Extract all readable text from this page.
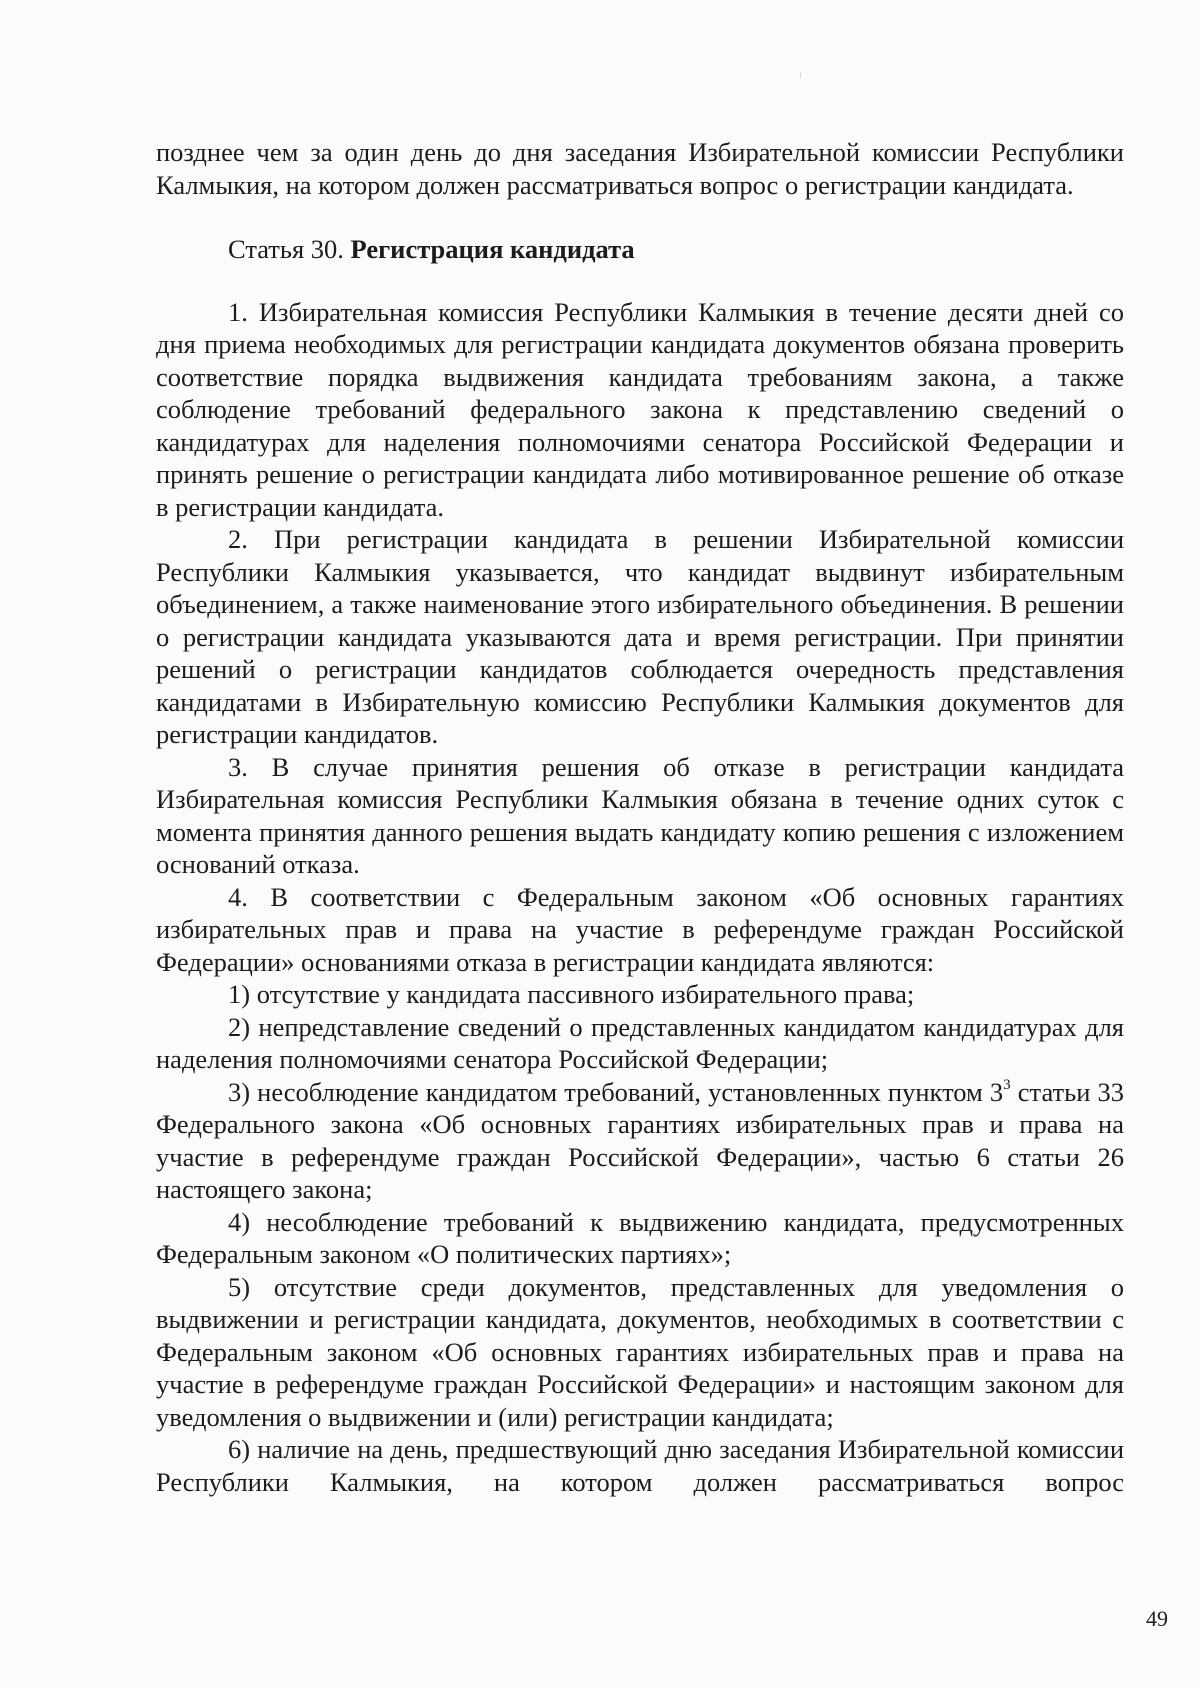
позднее чем за один день до дня заседания Избирательной комиссии Республики Калмыкия, на котором должен рассматриваться вопрос о регистрации кандидата.

Статья 30. Регистрация кандидата

1. Избирательная комиссия Республики Калмыкия в течение десяти дней со дня приема необходимых для регистрации кандидата документов обязана проверить соответствие порядка выдвижения кандидата требованиям закона, а также соблюдение требований федерального закона к представлению сведений о кандидатурах для наделения полномочиями сенатора Российской Федерации и принять решение о регистрации кандидата либо мотивированное решение об отказе в регистрации кандидата.

2. При регистрации кандидата в решении Избирательной комиссии Республики Калмыкия указывается, что кандидат выдвинут избирательным объединением, а также наименование этого избирательного объединения. В решении о регистрации кандидата указываются дата и время регистрации. При принятии решений о регистрации кандидатов соблюдается очередность представления кандидатами в Избирательную комиссию Республики Калмыкия документов для регистрации кандидатов.

3. В случае принятия решения об отказе в регистрации кандидата Избирательная комиссия Республики Калмыкия обязана в течение одних суток с момента принятия данного решения выдать кандидату копию решения с изложением оснований отказа.

4. В соответствии с Федеральным законом «Об основных гарантиях избирательных прав и права на участие в референдуме граждан Российской Федерации» основаниями отказа в регистрации кандидата являются:

1) отсутствие у кандидата пассивного избирательного права;

2) непредставление сведений о представленных кандидатом кандидатурах для наделения полномочиями сенатора Российской Федерации;

3) несоблюдение кандидатом требований, установленных пунктом $3^3$ статьи 33 Федерального закона «Об основных гарантиях избирательных прав и права на участие в референдуме граждан Российской Федерации», частью 6 статьи 26 настоящего закона;

4) несоблюдение требований к выдвижению кандидата, предусмотренных Федеральным законом «О политических партиях»;

5) отсутствие среди документов, представленных для уведомления о выдвижении и регистрации кандидата, документов, необходимых в соответствии с Федеральным законом «Об основных гарантиях избирательных прав и права на участие в референдуме граждан Российской Федерации» и настоящим законом для уведомления о выдвижении и (или) регистрации кандидата;

6) наличие на день, предшествующий дню заседания Избирательной комиссии Республики Калмыкия, на котором должен рассматриваться вопрос

49
